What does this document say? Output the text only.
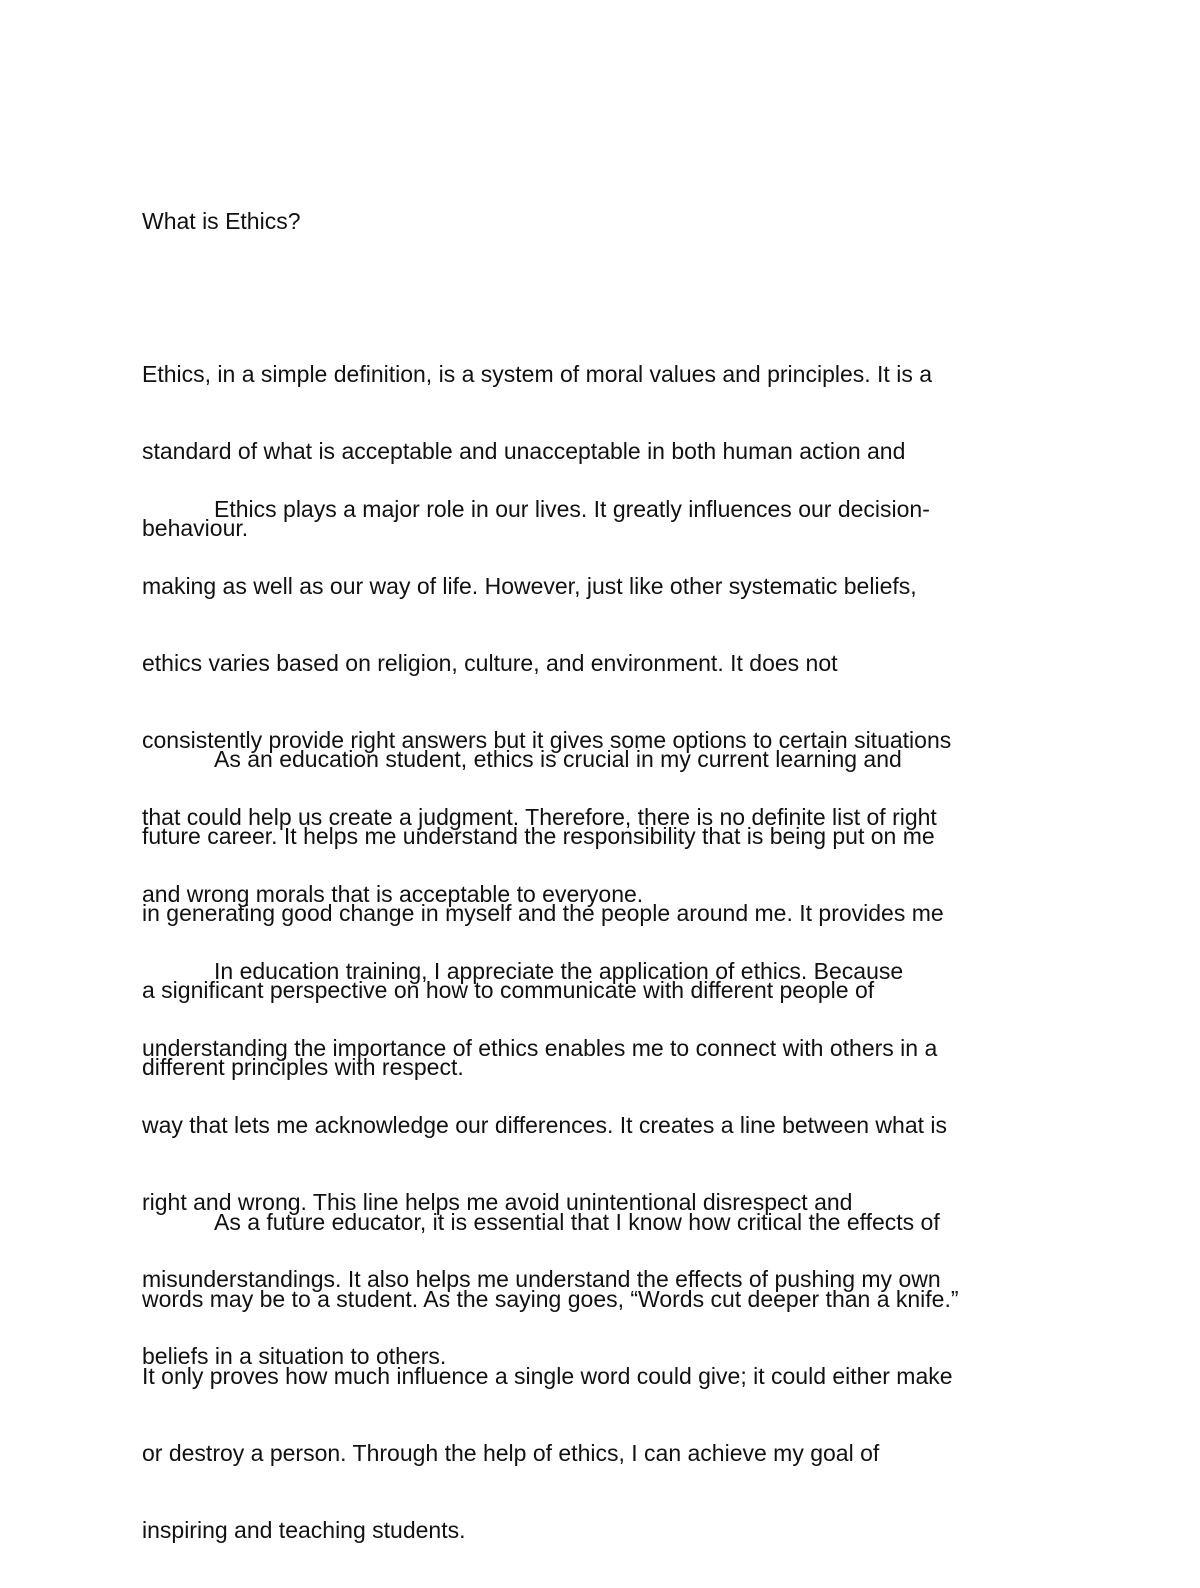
What is Ethics?

Ethics, in a simple definition, is a system of moral values and principles. It is a

standard of what is acceptable and unacceptable in both human action and

behaviour.

Ethics plays a major role in our lives. It greatly influences our decision-

making as well as our way of life. However, just like other systematic beliefs,

ethics varies based on religion, culture, and environment. It does not

consistently provide right answers but it gives some options to certain situations

that could help us create a judgment. Therefore, there is no definite list of right

and wrong morals that is acceptable to everyone.

As an education student, ethics is crucial in my current learning and

future career. It helps me understand the responsibility that is being put on me

in generating good change in myself and the people around me. It provides me

a significant perspective on how to communicate with different people of

different principles with respect.

In education training, I appreciate the application of ethics. Because

understanding the importance of ethics enables me to connect with others in a

way that lets me acknowledge our differences. It creates a line between what is

right and wrong. This line helps me avoid unintentional disrespect and

misunderstandings. It also helps me understand the effects of pushing my own

beliefs in a situation to others.

As a future educator, it is essential that I know how critical the effects of

words may be to a student. As the saying goes, “Words cut deeper than a knife.”

It only proves how much influence a single word could give; it could either make

or destroy a person. Through the help of ethics, I can achieve my goal of

inspiring and teaching students.
